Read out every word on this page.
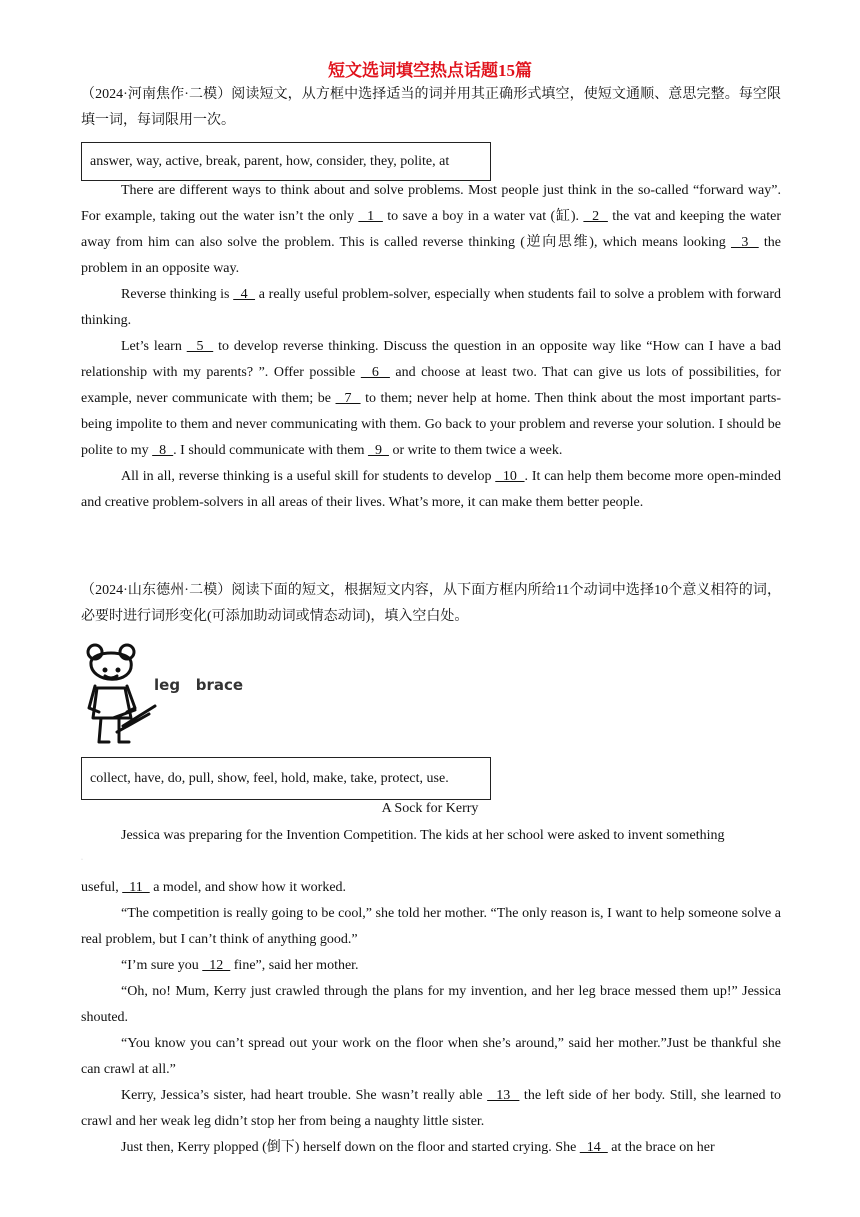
短文选词填空热点话题15篇

（2024·河南焦作·二模）阅读短文，从方框中选择适当的词并用其正确形式填空，使短文通顺、意思完整。每空限填一词，每词限用一次。

answer, way, active, break, parent, how, consider, they, polite, at

There are different ways to think about and solve problems. Most people just think in the so-called “forward way”. For example, taking out the water isn’t the only   1   to save a boy in a water vat (缸).   2   the vat and keeping the water away from him can also solve the problem. This is called reverse thinking (逆向思维), which means looking   3   the problem in an opposite way.

Reverse thinking is   4   a really useful problem-solver, especially when students fail to solve a problem with forward thinking.

Let’s learn   5   to develop reverse thinking. Discuss the question in an opposite way like “How can I have a bad relationship with my parents? ”. Offer possible   6   and choose at least two. That can give us lots of possibilities, for example, never communicate with them; be   7   to them; never help at home. Then think about the most important parts-being impolite to them and never communicating with them. Go back to your problem and reverse your solution. I should be polite to my   8  . I should communicate with them   9   or write to them twice a week.

All in all, reverse thinking is a useful skill for students to develop   10  . It can help them become more open-minded and creative problem-solvers in all areas of their lives. What’s more, it can make them better people.

（2024·山东德州·二模）阅读下面的短文，根据短文内容，从下面方框内所给11个动词中选择10个意义相符的词，必要时进行词形变化(可添加助动词或情态动词)，填入空白处。

leg   brace
collect, have, do, pull, show, feel, hold, make, take, protect, use.
A Sock for Kerry

Jessica was preparing for the Invention Competition. The kids at her school were asked to invent something

·

useful,   11   a model, and show how it worked.

“The competition is really going to be cool,” she told her mother. “The only reason is, I want to help someone solve a real problem, but I can’t think of anything good.”

“I’m sure you   12   fine”, said her mother.

“Oh, no! Mum, Kerry just crawled through the plans for my invention, and her leg brace messed them up!” Jessica shouted.

“You know you can’t spread out your work on the floor when she’s around,” said her mother.”Just be thankful she can crawl at all.”

Kerry, Jessica’s sister, had heart trouble. She wasn’t really able   13   the left side of her body. Still, she learned to crawl and her weak leg didn’t stop her from being a naughty little sister.

Just then, Kerry plopped (倒下) herself down on the floor and started crying. She   14   at the brace on her
